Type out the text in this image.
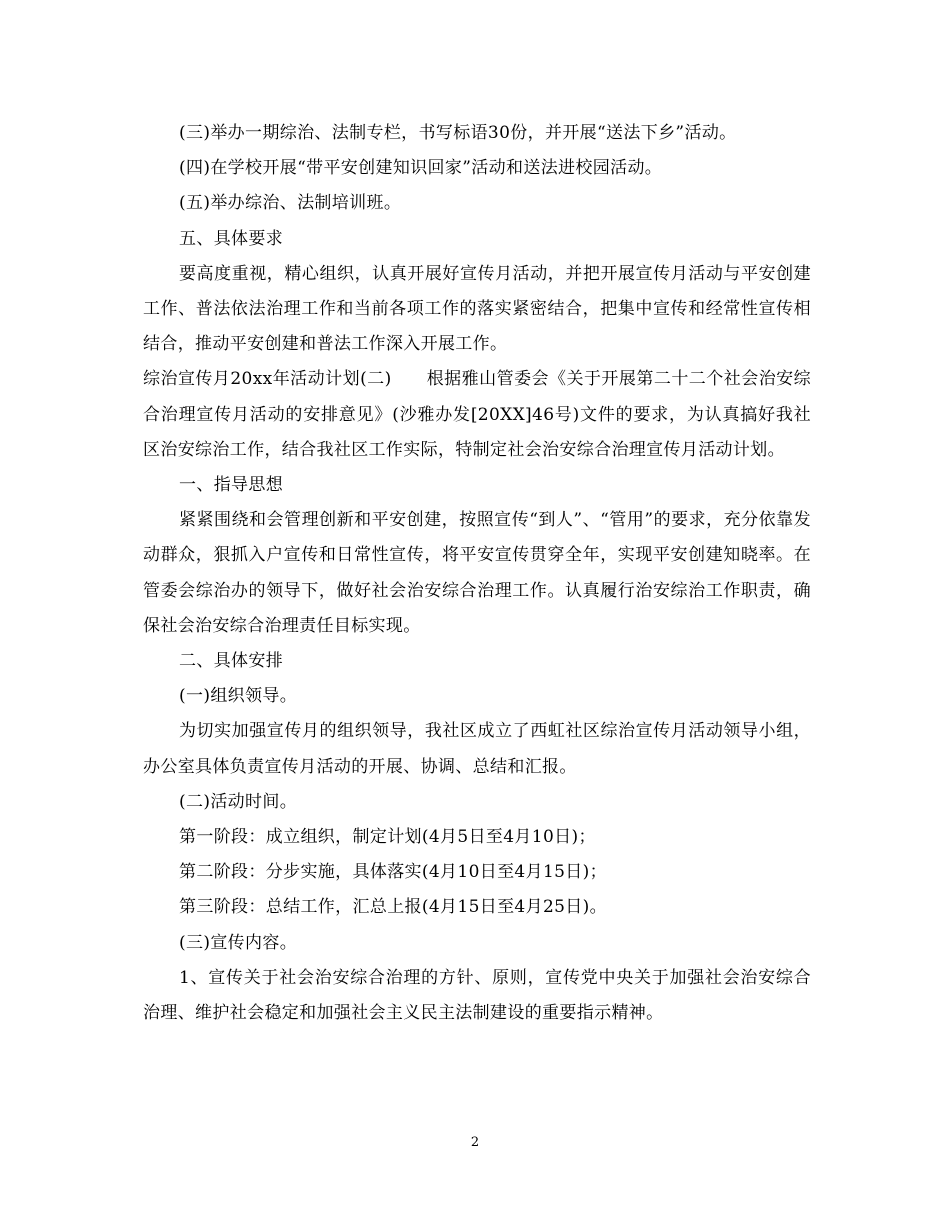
(三)举办一期综治、法制专栏，书写标语30份，并开展“送法下乡”活动。

(四)在学校开展“带平安创建知识回家”活动和送法进校园活动。

(五)举办综治、法制培训班。

五、具体要求

要高度重视，精心组织，认真开展好宣传月活动，并把开展宣传月活动与平安创建工作、普法依法治理工作和当前各项工作的落实紧密结合，把集中宣传和经常性宣传相结合，推动平安创建和普法工作深入开展工作。

综治宣传月20xx年活动计划(二)　　根据雅山管委会《关于开展第二十二个社会治安综合治理宣传月活动的安排意见》(沙雅办发[20XX]46号)文件的要求，为认真搞好我社区治安综治工作，结合我社区工作实际，特制定社会治安综合治理宣传月活动计划。

一、指导思想

紧紧围绕和会管理创新和平安创建，按照宣传“到人”、“管用”的要求，充分依靠发动群众，狠抓入户宣传和日常性宣传，将平安宣传贯穿全年，实现平安创建知晓率。在管委会综治办的领导下，做好社会治安综合治理工作。认真履行治安综治工作职责，确保社会治安综合治理责任目标实现。

二、具体安排

(一)组织领导。

为切实加强宣传月的组织领导，我社区成立了西虹社区综治宣传月活动领导小组，办公室具体负责宣传月活动的开展、协调、总结和汇报。

(二)活动时间。

第一阶段：成立组织，制定计划(4月5日至4月10日)；

第二阶段：分步实施，具体落实(4月10日至4月15日)；

第三阶段：总结工作，汇总上报(4月15日至4月25日)。

(三)宣传内容。

1、宣传关于社会治安综合治理的方针、原则，宣传党中央关于加强社会治安综合治理、维护社会稳定和加强社会主义民主法制建设的重要指示精神。

2
